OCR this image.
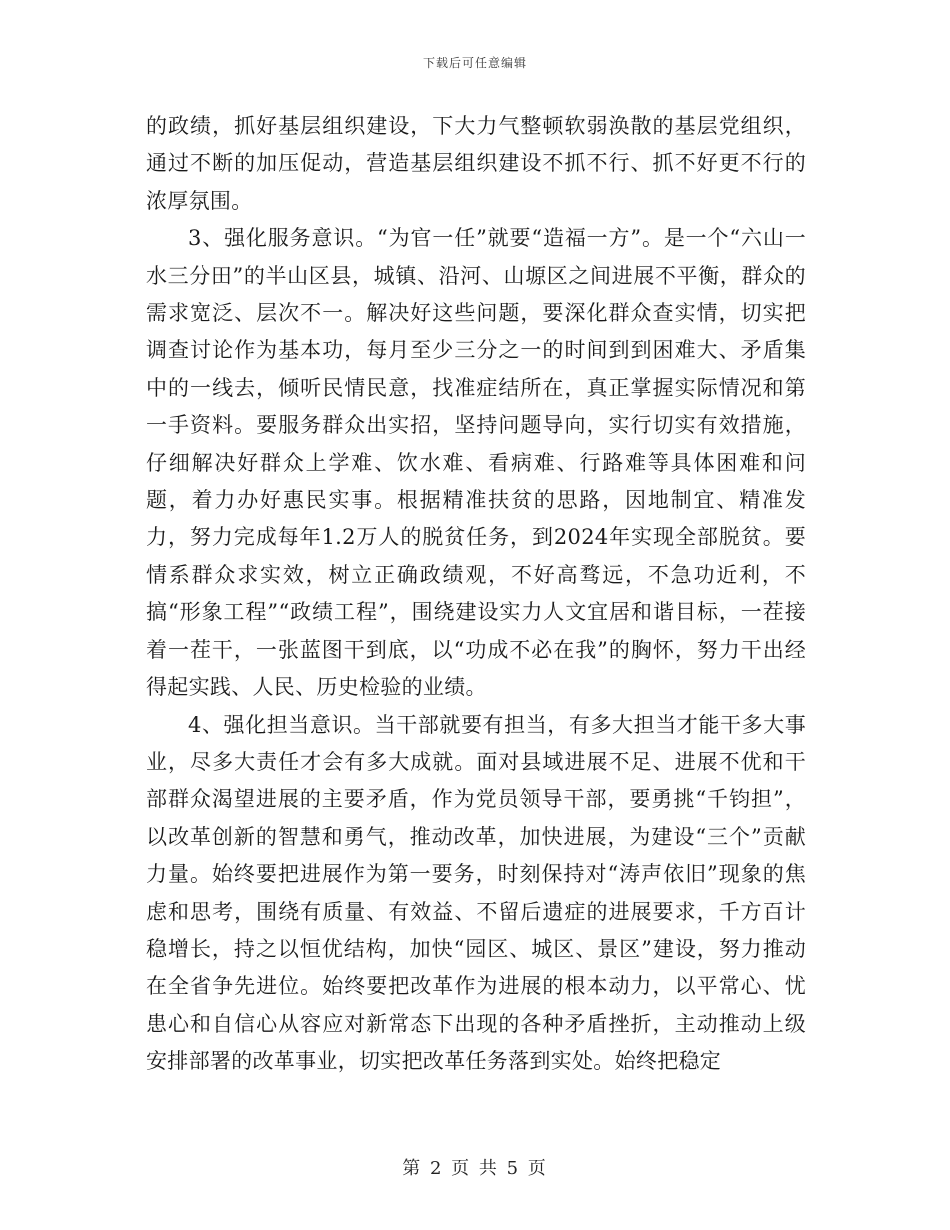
下载后可任意编辑

的政绩，抓好基层组织建设，下大力气整顿软弱涣散的基层党组织，通过不断的加压促动，营造基层组织建设不抓不行、抓不好更不行的浓厚氛围。

3、强化服务意识。“为官一任”就要“造福一方”。是一个“六山一水三分田”的半山区县，城镇、沿河、山塬区之间进展不平衡，群众的需求宽泛、层次不一。解决好这些问题，要深化群众查实情，切实把调查讨论作为基本功，每月至少三分之一的时间到到困难大、矛盾集中的一线去，倾听民情民意，找准症结所在，真正掌握实际情况和第一手资料。要服务群众出实招，坚持问题导向，实行切实有效措施，仔细解决好群众上学难、饮水难、看病难、行路难等具体困难和问题，着力办好惠民实事。根据精准扶贫的思路，因地制宜、精准发力，努力完成每年1.2万人的脱贫任务，到2024年实现全部脱贫。要情系群众求实效，树立正确政绩观，不好高骛远，不急功近利，不搞“形象工程”“政绩工程”，围绕建设实力人文宜居和谐目标，一茬接着一茬干，一张蓝图干到底，以“功成不必在我”的胸怀，努力干出经得起实践、人民、历史检验的业绩。

4、强化担当意识。当干部就要有担当，有多大担当才能干多大事业，尽多大责任才会有多大成就。面对县域进展不足、进展不优和干部群众渴望进展的主要矛盾，作为党员领导干部，要勇挑“千钧担”，以改革创新的智慧和勇气，推动改革，加快进展，为建设“三个”贡献力量。始终要把进展作为第一要务，时刻保持对“涛声依旧”现象的焦虑和思考，围绕有质量、有效益、不留后遗症的进展要求，千方百计稳增长，持之以恒优结构，加快“园区、城区、景区”建设，努力推动在全省争先进位。始终要把改革作为进展的根本动力，以平常心、忧患心和自信心从容应对新常态下出现的各种矛盾挫折，主动推动上级安排部署的改革事业，切实把改革任务落到实处。始终把稳定

第 2 页 共 5 页
